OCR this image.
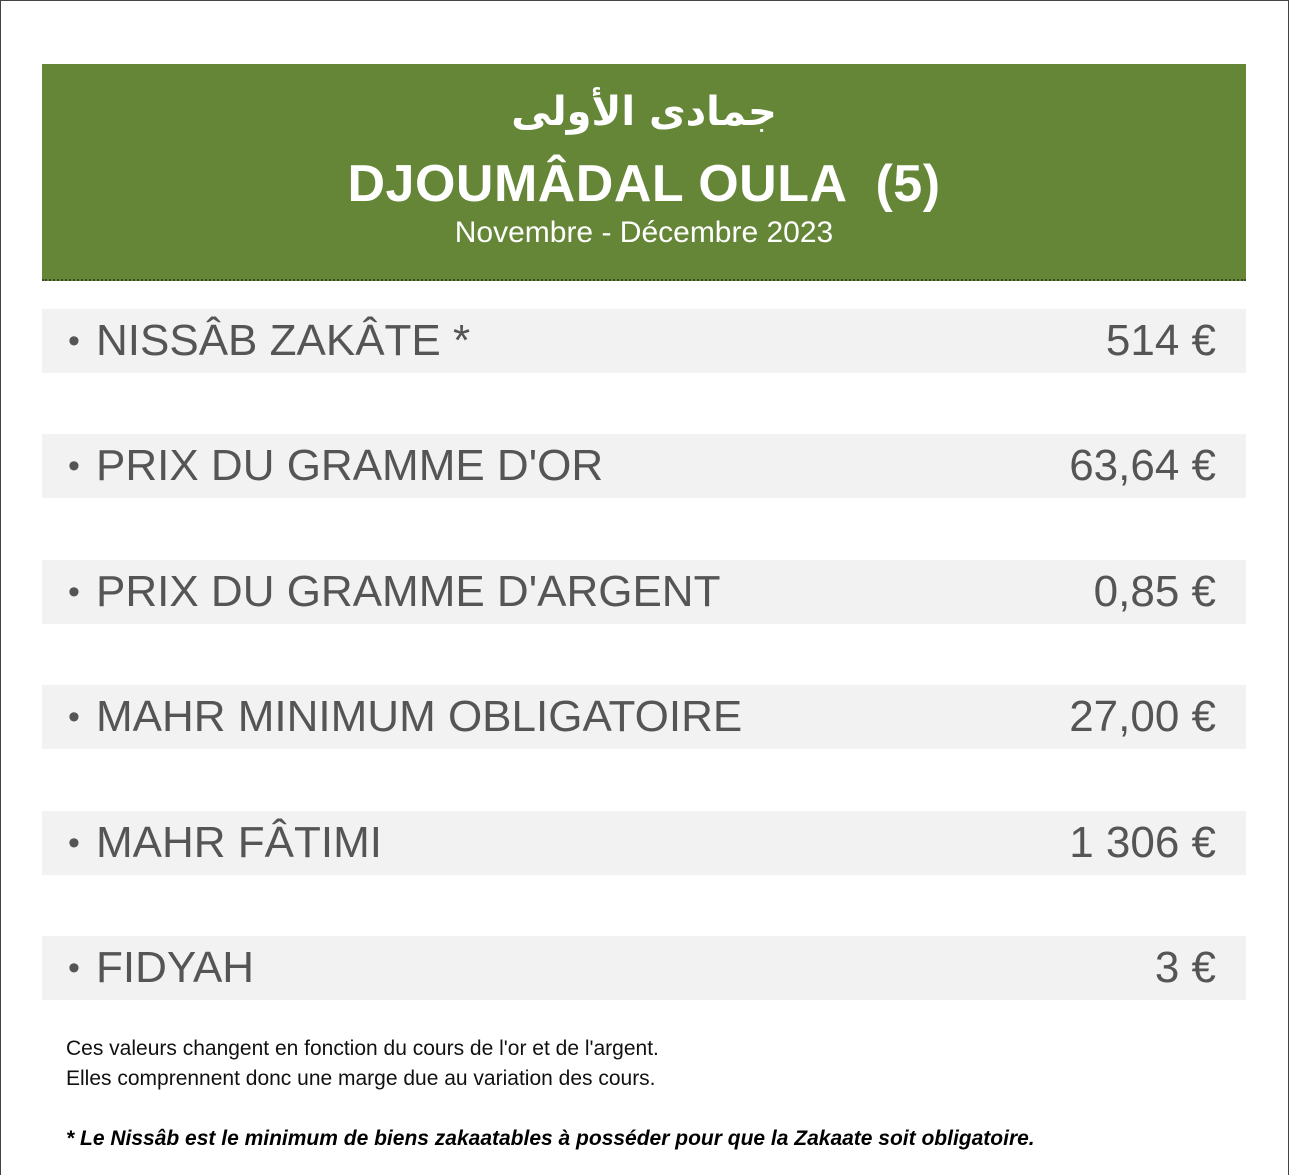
جمادى الأولى
DJOUMÂDAL OULA  (5)
Novembre - Décembre 2023
• NISSÂB ZAKÂTE *	514 €
• PRIX DU GRAMME D'OR	63,64 €
• PRIX DU GRAMME D'ARGENT	0,85 €
• MAHR MINIMUM OBLIGATOIRE	27,00 €
• MAHR FÂTIMI	1 306 €
• FIDYAH	3 €
Ces valeurs changent en fonction du cours de l'or et de l'argent.
Elles comprennent donc une marge due au variation des cours.
* Le Nissâb est le minimum de biens zakaatables à posséder pour que la Zakaate soit obligatoire.
